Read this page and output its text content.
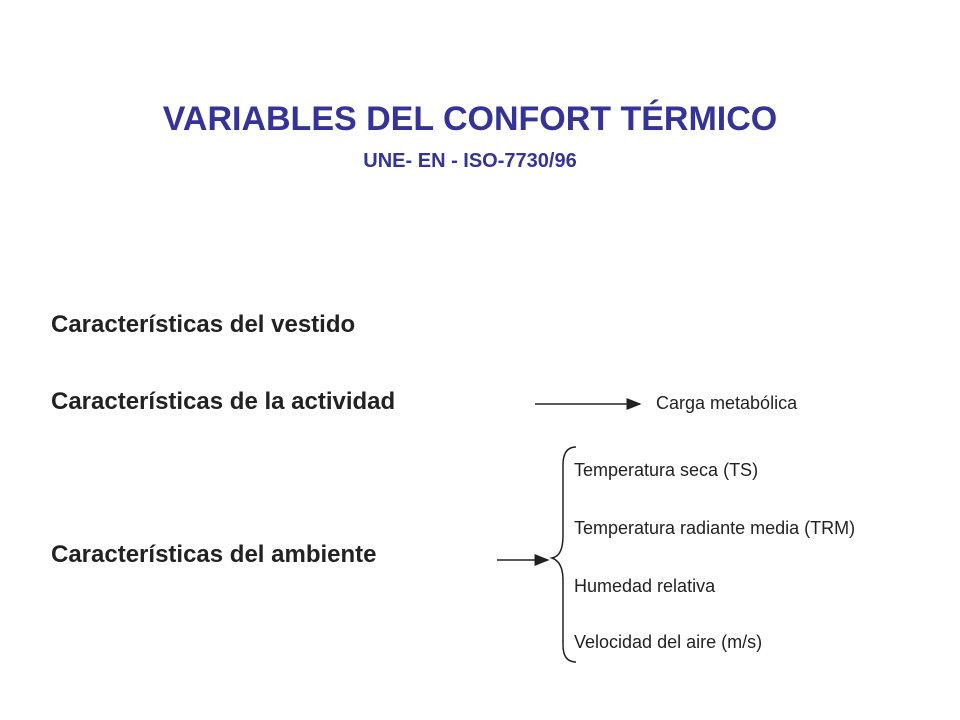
VARIABLES DEL CONFORT TÉRMICO
UNE- EN - ISO-7730/96
Características del vestido
Características de la actividad
Características del ambiente
Carga metabólica
Temperatura seca (TS)
Temperatura radiante media (TRM)
Humedad relativa
Velocidad del aire (m/s)
